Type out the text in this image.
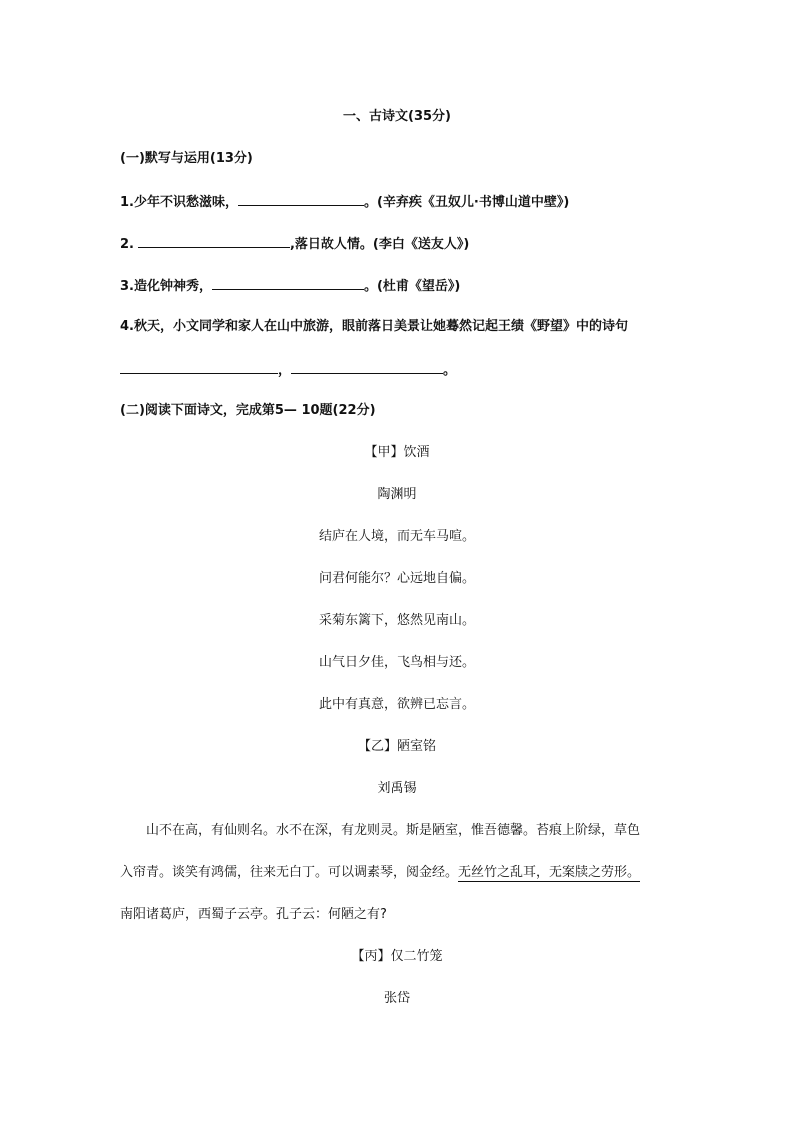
一、古诗文(35分)
(一)默写与运用(13分)
1.少年不识愁滋味，	。(辛弃疾《丑奴儿·书博山道中壁》)
2.	,落日故人情。(李白《送友人》)
3.造化钟神秀，	。(杜甫《望岳》)
4.秋天，小文同学和家人在山中旅游，眼前落日美景让她蓦然记起王绩《野望》中的诗句
，	。
(二)阅读下面诗文，完成第5— 10题(22分)
【甲】饮酒
陶渊明
结庐在人境，而无车马喧。
问君何能尔？心远地自偏。
采菊东篱下，悠然见南山。
山气日夕佳，飞鸟相与还。
此中有真意，欲辨已忘言。
【乙】陋室铭
刘禹锡
山不在高，有仙则名。水不在深，有龙则灵。斯是陋室，惟吾德馨。苔痕上阶绿，草色
入帘青。谈笑有鸿儒，往来无白丁。可以调素琴，阅金经。无丝竹之乱耳，无案牍之劳形。
南阳诸葛庐，西蜀子云亭。孔子云：何陋之有?
【丙】仅二竹笼
张岱
